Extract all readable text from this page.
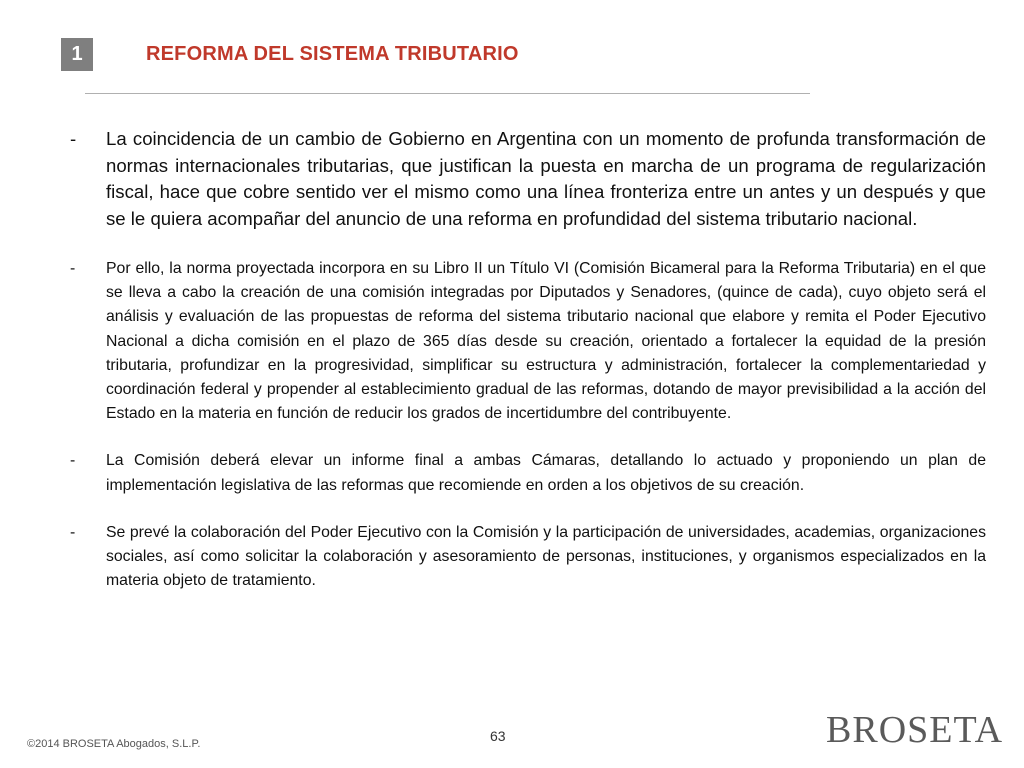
1	REFORMA DEL SISTEMA TRIBUTARIO
- La coincidencia de un cambio de Gobierno en Argentina con un momento de profunda transformación de normas internacionales tributarias, que justifican la puesta en marcha de un programa de regularización fiscal, hace que cobre sentido ver el mismo como una línea fronteriza entre un antes y un después y que se le quiera acompañar del anuncio de una reforma en profundidad del sistema tributario nacional.
- Por ello, la norma proyectada incorpora en su Libro II un Título VI (Comisión Bicameral para la Reforma Tributaria) en el que se lleva a cabo la creación de una comisión integradas por Diputados y Senadores, (quince de cada), cuyo objeto será el análisis y evaluación de las propuestas de reforma del sistema tributario nacional que elabore y remita el Poder Ejecutivo Nacional a dicha comisión en el plazo de 365 días desde su creación, orientado a fortalecer la equidad de la presión tributaria, profundizar en la progresividad, simplificar su estructura y administración, fortalecer la complementariedad y coordinación federal y propender al establecimiento gradual de las reformas, dotando de mayor previsibilidad a la acción del Estado en la materia en función de reducir los grados de incertidumbre del contribuyente.
- La Comisión deberá elevar un informe final a ambas Cámaras, detallando lo actuado y proponiendo un plan de implementación legislativa de las reformas que recomiende en orden a los objetivos de su creación.
- Se prevé la colaboración del Poder Ejecutivo con la Comisión y la participación de universidades, academias, organizaciones sociales, así como solicitar la colaboración y asesoramiento de personas, instituciones, y organismos especializados en la materia objeto de tratamiento.
©2014 BROSETA Abogados, S.L.P.	63	BROSETA
